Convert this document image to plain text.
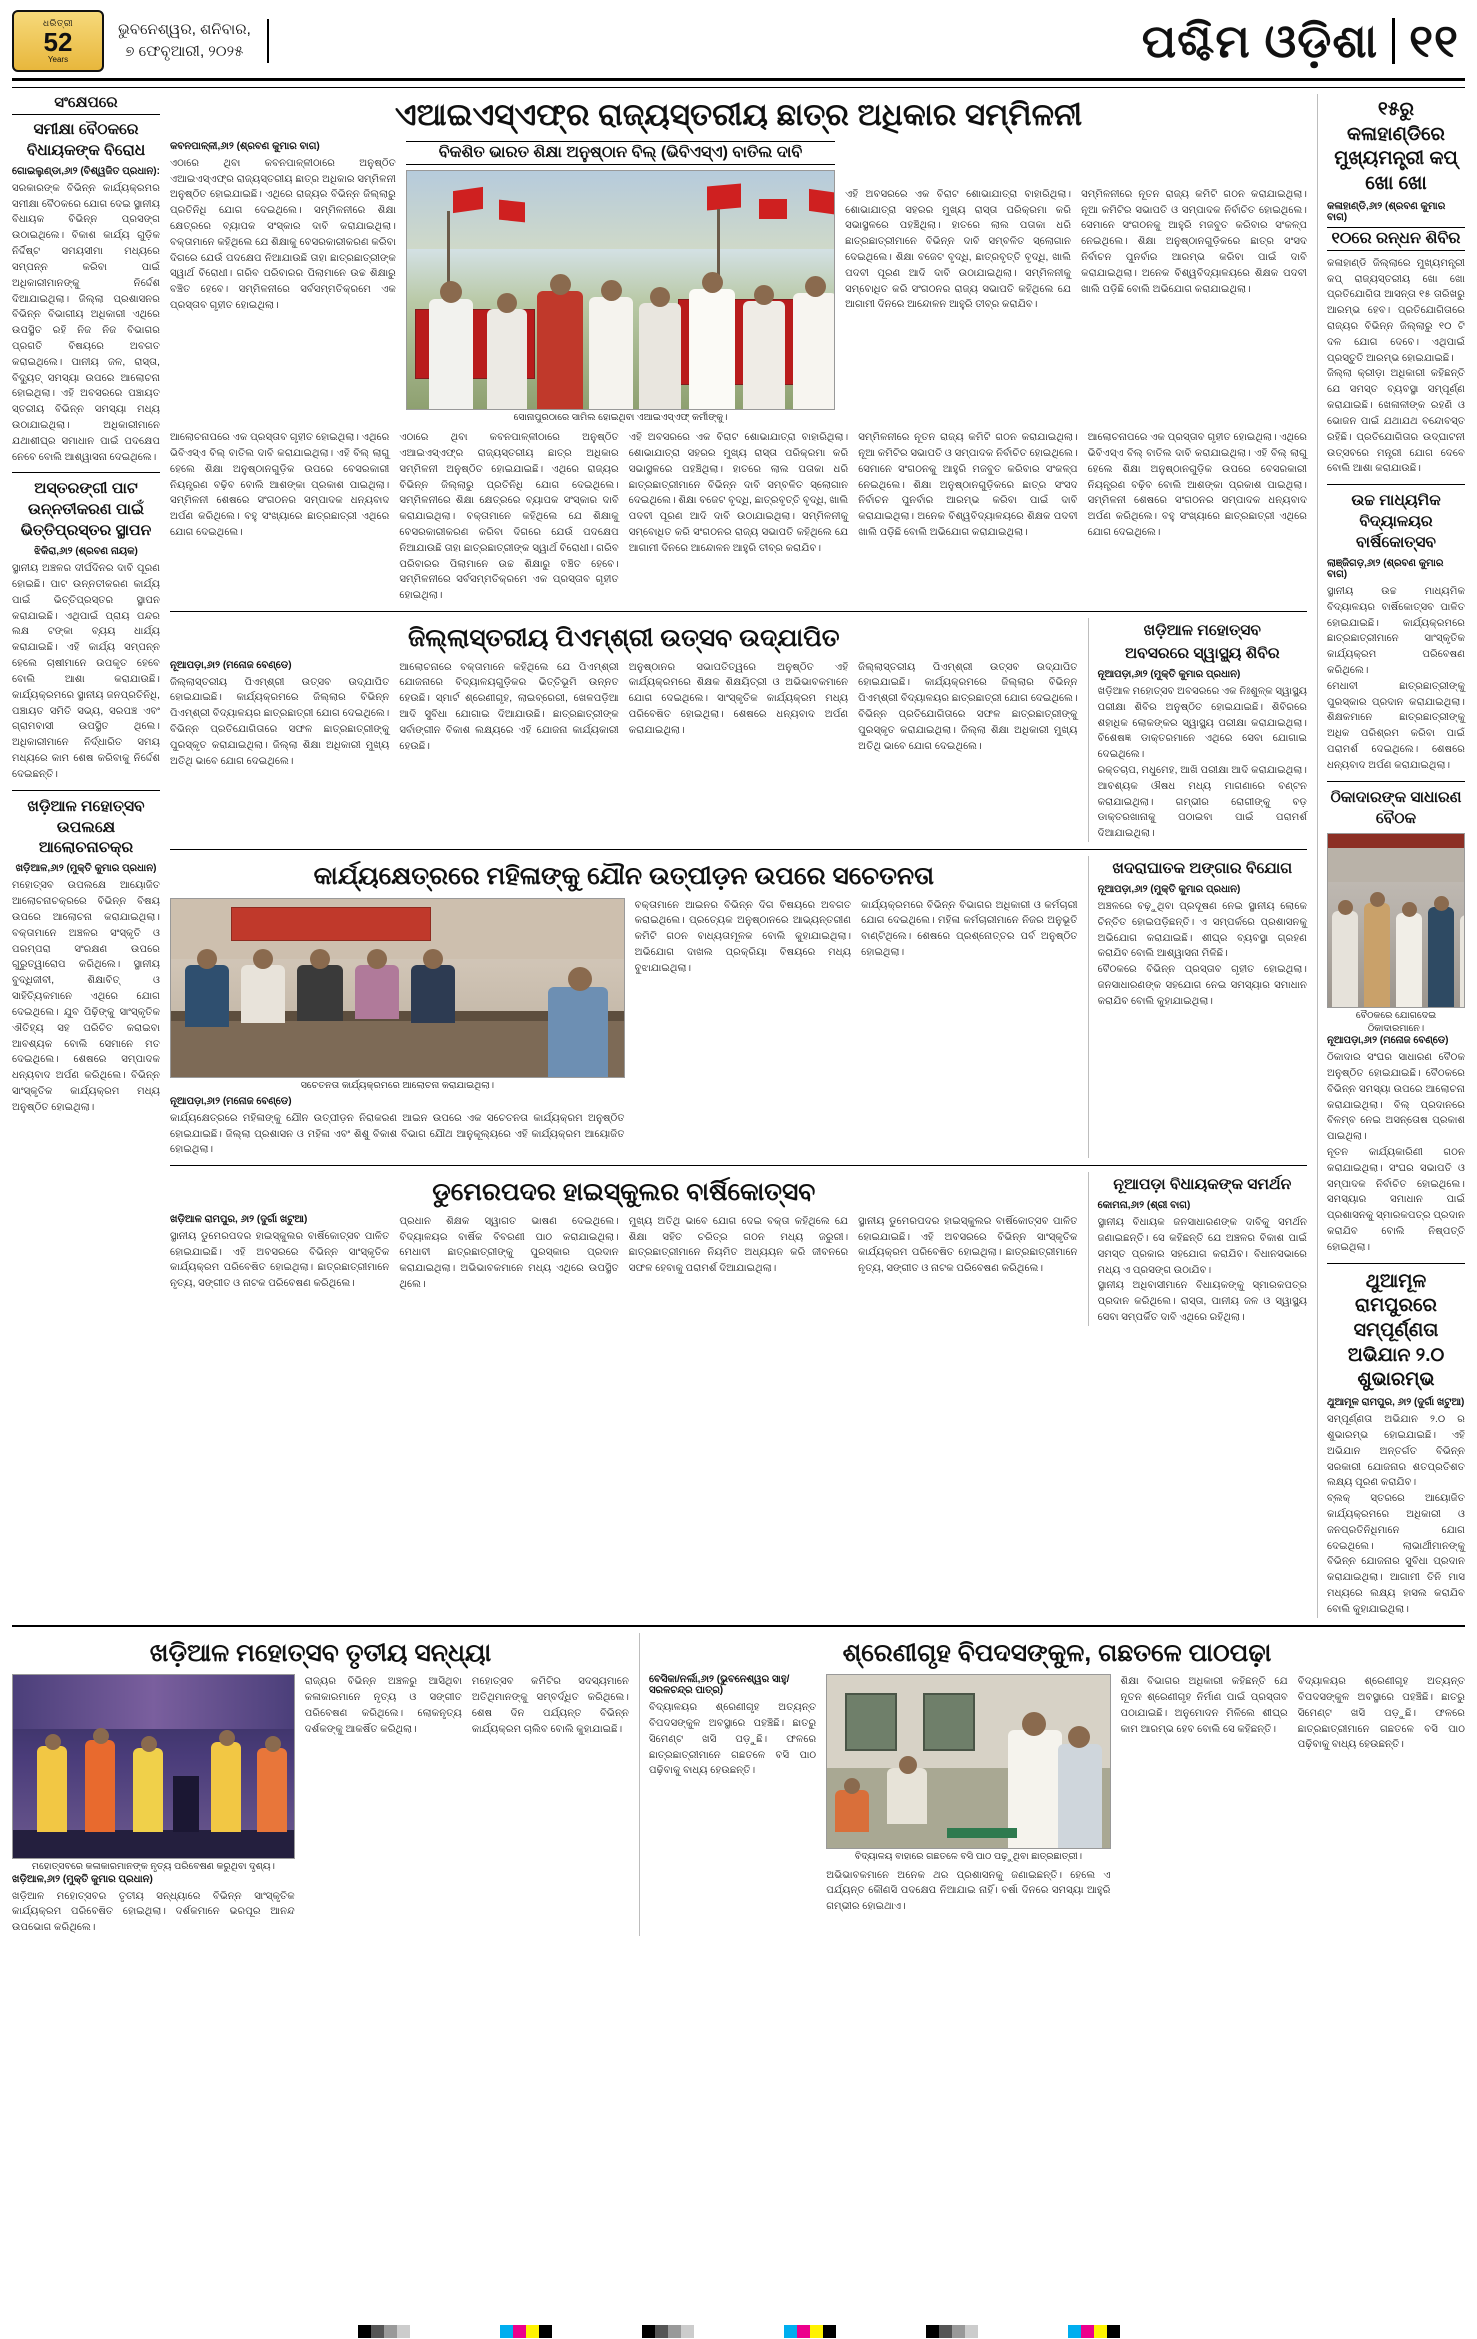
ଧରିତ୍ରୀ
52
Years
ଭୁବନେଶ୍ୱର, ଶନିବାର,
୭ ଫେବୃଆରୀ, ୨୦୨୫	ପଶ୍ଚିମ ଓଡ଼ିଶା ୧୧
ସଂକ୍ଷେପରେ
ସମୀକ୍ଷା ବୈଠକରେ ବିଧାୟକଙ୍କ ବିରୋଧ
ଗୋଇଲୁଣ୍ଡା,୬ା୨ (ବିଶ୍ୱଜିତ ପ୍ରଧାନ):
ସରକାରଙ୍କ ବିଭିନ୍ନ କାର୍ଯ୍ୟକ୍ରମର ସମୀକ୍ଷା ବୈଠକରେ ଯୋଗ ଦେଇ ସ୍ଥାନୀୟ ବିଧାୟକ ବିଭିନ୍ନ ପ୍ରସଙ୍ଗ ଉଠାଇଥିଲେ। ବିକାଶ କାର୍ଯ୍ୟ ଗୁଡ଼ିକ ନିର୍ଦ୍ଦିଷ୍ଟ ସମୟସୀମା ମଧ୍ୟରେ ସମ୍ପନ୍ନ କରିବା ପାଇଁ ଅଧିକାରୀମାନଙ୍କୁ ନିର୍ଦ୍ଦେଶ ଦିଆଯାଇଥିଲା। ଜିଲ୍ଲା ପ୍ରଶାସନର ବିଭିନ୍ନ ବିଭାଗୀୟ ଅଧିକାରୀ ଏଥିରେ ଉପସ୍ଥିତ ରହି ନିଜ ନିଜ ବିଭାଗର ପ୍ରଗତି ବିଷୟରେ ଅବଗତ କରାଇଥିଲେ। ପାନୀୟ ଜଳ, ରାସ୍ତା, ବିଦ୍ୟୁତ୍ ସମସ୍ୟା ଉପରେ ଆଲୋଚନା ହୋଇଥିଲା। ଏହି ଅବସରରେ ପଞ୍ଚାୟତ ସ୍ତରୀୟ ବିଭିନ୍ନ ସମସ୍ୟା ମଧ୍ୟ ଉଠାଯାଇଥିଲା। ଅଧିକାରୀମାନେ ଯଥାଶୀଘ୍ର ସମାଧାନ ପାଇଁ ପଦକ୍ଷେପ ନେବେ ବୋଲି ଆଶ୍ୱାସନା ଦେଇଥିଲେ।
ଅସ୍ତରଙ୍ଗୀ ପାଟ ଉନ୍ନତୀକରଣ ପାଇଁ ଭିତ୍ତିପ୍ରସ୍ତର ସ୍ଥାପନ
ଝିକିରା,୬ା୨ (ଶ୍ରବଣ ନାୟକ)
ସ୍ଥାନୀୟ ଅଞ୍ଚଳର ଦୀର୍ଘଦିନର ଦାବି ପୂରଣ ହୋଇଛି। ପାଟ ଉନ୍ନତୀକରଣ କାର୍ଯ୍ୟ ପାଇଁ ଭିତ୍ତିପ୍ରସ୍ତର ସ୍ଥାପନ କରାଯାଇଛି। ଏଥିପାଇଁ ପ୍ରାୟ ପନ୍ଦର ଲକ୍ଷ ଟଙ୍କା ବ୍ୟୟ ଧାର୍ଯ୍ୟ କରାଯାଇଛି। ଏହି କାର୍ଯ୍ୟ ସମ୍ପନ୍ନ ହେଲେ ଚାଷୀମାନେ ଉପକୃତ ହେବେ ବୋଲି ଆଶା କରାଯାଉଛି। କାର୍ଯ୍ୟକ୍ରମରେ ସ୍ଥାନୀୟ ଜନପ୍ରତିନିଧି, ପଞ୍ଚାୟତ ସମିତି ସଭ୍ୟ, ସରପଞ୍ଚ ଏବଂ ଗ୍ରାମବାସୀ ଉପସ୍ଥିତ ଥିଲେ। ଅଧିକାରୀମାନେ ନିର୍ଦ୍ଧାରିତ ସମୟ ମଧ୍ୟରେ କାମ ଶେଷ କରିବାକୁ ନିର୍ଦ୍ଦେଶ ଦେଇଛନ୍ତି।
ଖଡ଼ିଆଳ ମହୋତ୍ସବ ଉପଲକ୍ଷେ ଆଲୋଚନାଚକ୍ର
ଖଡ଼ିଆଳ,୬ା୨ (ମୁକ୍ତି କୁମାର ପ୍ରଧାନ)
ମହୋତ୍ସବ ଉପଲକ୍ଷେ ଆୟୋଜିତ ଆଲୋଚନାଚକ୍ରରେ ବିଭିନ୍ନ ବିଷୟ ଉପରେ ଆଲୋଚନା କରାଯାଇଥିଲା। ବକ୍ତାମାନେ ଅଞ୍ଚଳର ସଂସ୍କୃତି ଓ ପରମ୍ପରା ସଂରକ୍ଷଣ ଉପରେ ଗୁରୁତ୍ୱାରୋପ କରିଥିଲେ। ସ୍ଥାନୀୟ ବୁଦ୍ଧିଜୀବୀ, ଶିକ୍ଷାବିତ୍ ଓ ସାହିତ୍ୟିକମାନେ ଏଥିରେ ଯୋଗ ଦେଇଥିଲେ। ଯୁବ ପିଢ଼ିଙ୍କୁ ସାଂସ୍କୃତିକ ଐତିହ୍ୟ ସହ ପରିଚିତ କରାଇବା ଆବଶ୍ୟକ ବୋଲି ସେମାନେ ମତ ଦେଇଥିଲେ। ଶେଷରେ ସମ୍ପାଦକ ଧନ୍ୟବାଦ ଅର୍ପଣ କରିଥିଲେ। ବିଭିନ୍ନ ସାଂସ୍କୃତିକ କାର୍ଯ୍ୟକ୍ରମ ମଧ୍ୟ ଅନୁଷ୍ଠିତ ହୋଇଥିଲା।
ଏଆଇଏସ୍ଏଫ୍ର ରାଜ୍ୟସ୍ତରୀୟ ଛାତ୍ର ଅଧିକାର ସମ୍ମିଳନୀ
କବନପାଳ୍ଳୀ,୬ା୨ (ଶ୍ରବଣ କୁମାର ବାଗ)
ଏଠାରେ ଥିବା କବନପାଳ୍ଳୀଠାରେ ଅନୁଷ୍ଠିତ ଏଆଇଏସ୍ଏଫ୍ର ରାଜ୍ୟସ୍ତରୀୟ ଛାତ୍ର ଅଧିକାର ସମ୍ମିଳନୀ ଅନୁଷ୍ଠିତ ହୋଇଯାଇଛି। ଏଥିରେ ରାଜ୍ୟର ବିଭିନ୍ନ ଜିଲ୍ଲାରୁ ପ୍ରତିନିଧି ଯୋଗ ଦେଇଥିଲେ। ସମ୍ମିଳନୀରେ ଶିକ୍ଷା କ୍ଷେତ୍ରରେ ବ୍ୟାପକ ସଂସ୍କାର ଦାବି କରାଯାଇଥିଲା। ବକ୍ତାମାନେ କହିଥିଲେ ଯେ ଶିକ୍ଷାକୁ ବେସରକାରୀକରଣ କରିବା ଦିଗରେ ଯେଉଁ ପଦକ୍ଷେପ ନିଆଯାଉଛି ତାହା ଛାତ୍ରଛାତ୍ରୀଙ୍କ ସ୍ୱାର୍ଥ ବିରୋଧୀ। ଗରିବ ପରିବାରର ପିଲାମାନେ ଉଚ୍ଚ ଶିକ୍ଷାରୁ ବଞ୍ଚିତ ହେବେ। ସମ୍ମିଳନୀରେ ସର୍ବସମ୍ମତିକ୍ରମେ ଏକ ପ୍ରସ୍ତାବ ଗୃହୀତ ହୋଇଥିଲା।
ବିକଶିତ ଭାରତ ଶିକ୍ଷା ଅନୁଷ୍ଠାନ ବିଲ୍ (ଭିବିଏସ୍ଏ) ବାତିଲ ଦାବି
ସୋନାପୁରଠାରେ ସାମିଲ ହୋଇଥିବା ଏଆଇଏସ୍ଏଫ୍ କର୍ମୀଙ୍କୁ।
ଏହି ଅବସରରେ ଏକ ବିରାଟ ଶୋଭାଯାତ୍ରା ବାହାରିଥିଲା। ଶୋଭାଯାତ୍ରା ସହରର ମୁଖ୍ୟ ରାସ୍ତା ପରିକ୍ରମା କରି ସଭାସ୍ଥଳରେ ପହଞ୍ଚିଥିଲା। ହାତରେ ଲାଲ ପତାକା ଧରି ଛାତ୍ରଛାତ୍ରୀମାନେ ବିଭିନ୍ନ ଦାବି ସମ୍ବଳିତ ସ୍ଲୋଗାନ ଦେଇଥିଲେ। ଶିକ୍ଷା ବଜେଟ ବୃଦ୍ଧି, ଛାତ୍ରବୃତ୍ତି ବୃଦ୍ଧି, ଖାଲି ପଦବୀ ପୂରଣ ଆଦି ଦାବି ଉଠାଯାଇଥିଲା। ସମ୍ମିଳନୀକୁ ସମ୍ବୋଧିତ କରି ସଂଗଠନର ରାଜ୍ୟ ସଭାପତି କହିଥିଲେ ଯେ ଆଗାମୀ ଦିନରେ ଆନ୍ଦୋଳନ ଆହୁରି ତୀବ୍ର କରାଯିବ।
ସମ୍ମିଳନୀରେ ନୂତନ ରାଜ୍ୟ କମିଟି ଗଠନ କରାଯାଇଥିଲା। ନୂଆ କମିଟିର ସଭାପତି ଓ ସମ୍ପାଦକ ନିର୍ବାଚିତ ହୋଇଥିଲେ। ସେମାନେ ସଂଗଠନକୁ ଆହୁରି ମଜବୁତ କରିବାର ସଂକଳ୍ପ ନେଇଥିଲେ। ଶିକ୍ଷା ଅନୁଷ୍ଠାନଗୁଡ଼ିକରେ ଛାତ୍ର ସଂସଦ ନିର୍ବାଚନ ପୁନର୍ବାର ଆରମ୍ଭ କରିବା ପାଇଁ ଦାବି କରାଯାଇଥିଲା। ଅନେକ ବିଶ୍ୱବିଦ୍ୟାଳୟରେ ଶିକ୍ଷକ ପଦବୀ ଖାଲି ପଡ଼ିଛି ବୋଲି ଅଭିଯୋଗ କରାଯାଇଥିଲା।
ଆଲୋଚନାପରେ ଏକ ପ୍ରସ୍ତାବ ଗୃହୀତ ହୋଇଥିଲା। ଏଥିରେ ଭିବିଏସ୍ଏ ବିଲ୍ ବାତିଲ ଦାବି କରାଯାଇଥିଲା। ଏହି ବିଲ୍ ଲାଗୁ ହେଲେ ଶିକ୍ଷା ଅନୁଷ୍ଠାନଗୁଡ଼ିକ ଉପରେ ବେସରକାରୀ ନିୟନ୍ତ୍ରଣ ବଢ଼ିବ ବୋଲି ଆଶଙ୍କା ପ୍ରକାଶ ପାଇଥିଲା। ସମ୍ମିଳନୀ ଶେଷରେ ସଂଗଠନର ସମ୍ପାଦକ ଧନ୍ୟବାଦ ଅର୍ପଣ କରିଥିଲେ। ବହୁ ସଂଖ୍ୟାରେ ଛାତ୍ରଛାତ୍ରୀ ଏଥିରେ ଯୋଗ ଦେଇଥିଲେ।
ଏଠାରେ ଥିବା କବନପାଳ୍ଳୀଠାରେ ଅନୁଷ୍ଠିତ ଏଆଇଏସ୍ଏଫ୍ର ରାଜ୍ୟସ୍ତରୀୟ ଛାତ୍ର ଅଧିକାର ସମ୍ମିଳନୀ ଅନୁଷ୍ଠିତ ହୋଇଯାଇଛି। ଏଥିରେ ରାଜ୍ୟର ବିଭିନ୍ନ ଜିଲ୍ଲାରୁ ପ୍ରତିନିଧି ଯୋଗ ଦେଇଥିଲେ। ସମ୍ମିଳନୀରେ ଶିକ୍ଷା କ୍ଷେତ୍ରରେ ବ୍ୟାପକ ସଂସ୍କାର ଦାବି କରାଯାଇଥିଲା। ବକ୍ତାମାନେ କହିଥିଲେ ଯେ ଶିକ୍ଷାକୁ ବେସରକାରୀକରଣ କରିବା ଦିଗରେ ଯେଉଁ ପଦକ୍ଷେପ ନିଆଯାଉଛି ତାହା ଛାତ୍ରଛାତ୍ରୀଙ୍କ ସ୍ୱାର୍ଥ ବିରୋଧୀ। ଗରିବ ପରିବାରର ପିଲାମାନେ ଉଚ୍ଚ ଶିକ୍ଷାରୁ ବଞ୍ଚିତ ହେବେ। ସମ୍ମିଳନୀରେ ସର୍ବସମ୍ମତିକ୍ରମେ ଏକ ପ୍ରସ୍ତାବ ଗୃହୀତ ହୋଇଥିଲା।
ଏହି ଅବସରରେ ଏକ ବିରାଟ ଶୋଭାଯାତ୍ରା ବାହାରିଥିଲା। ଶୋଭାଯାତ୍ରା ସହରର ମୁଖ୍ୟ ରାସ୍ତା ପରିକ୍ରମା କରି ସଭାସ୍ଥଳରେ ପହଞ୍ଚିଥିଲା। ହାତରେ ଲାଲ ପତାକା ଧରି ଛାତ୍ରଛାତ୍ରୀମାନେ ବିଭିନ୍ନ ଦାବି ସମ୍ବଳିତ ସ୍ଲୋଗାନ ଦେଇଥିଲେ। ଶିକ୍ଷା ବଜେଟ ବୃଦ୍ଧି, ଛାତ୍ରବୃତ୍ତି ବୃଦ୍ଧି, ଖାଲି ପଦବୀ ପୂରଣ ଆଦି ଦାବି ଉଠାଯାଇଥିଲା। ସମ୍ମିଳନୀକୁ ସମ୍ବୋଧିତ କରି ସଂଗଠନର ରାଜ୍ୟ ସଭାପତି କହିଥିଲେ ଯେ ଆଗାମୀ ଦିନରେ ଆନ୍ଦୋଳନ ଆହୁରି ତୀବ୍ର କରାଯିବ।
ସମ୍ମିଳନୀରେ ନୂତନ ରାଜ୍ୟ କମିଟି ଗଠନ କରାଯାଇଥିଲା। ନୂଆ କମିଟିର ସଭାପତି ଓ ସମ୍ପାଦକ ନିର୍ବାଚିତ ହୋଇଥିଲେ। ସେମାନେ ସଂଗଠନକୁ ଆହୁରି ମଜବୁତ କରିବାର ସଂକଳ୍ପ ନେଇଥିଲେ। ଶିକ୍ଷା ଅନୁଷ୍ଠାନଗୁଡ଼ିକରେ ଛାତ୍ର ସଂସଦ ନିର୍ବାଚନ ପୁନର୍ବାର ଆରମ୍ଭ କରିବା ପାଇଁ ଦାବି କରାଯାଇଥିଲା। ଅନେକ ବିଶ୍ୱବିଦ୍ୟାଳୟରେ ଶିକ୍ଷକ ପଦବୀ ଖାଲି ପଡ଼ିଛି ବୋଲି ଅଭିଯୋଗ କରାଯାଇଥିଲା।
ଆଲୋଚନାପରେ ଏକ ପ୍ରସ୍ତାବ ଗୃହୀତ ହୋଇଥିଲା। ଏଥିରେ ଭିବିଏସ୍ଏ ବିଲ୍ ବାତିଲ ଦାବି କରାଯାଇଥିଲା। ଏହି ବିଲ୍ ଲାଗୁ ହେଲେ ଶିକ୍ଷା ଅନୁଷ୍ଠାନଗୁଡ଼ିକ ଉପରେ ବେସରକାରୀ ନିୟନ୍ତ୍ରଣ ବଢ଼ିବ ବୋଲି ଆଶଙ୍କା ପ୍ରକାଶ ପାଇଥିଲା। ସମ୍ମିଳନୀ ଶେଷରେ ସଂଗଠନର ସମ୍ପାଦକ ଧନ୍ୟବାଦ ଅର୍ପଣ କରିଥିଲେ। ବହୁ ସଂଖ୍ୟାରେ ଛାତ୍ରଛାତ୍ରୀ ଏଥିରେ ଯୋଗ ଦେଇଥିଲେ।
ଜିଲ୍ଲାସ୍ତରୀୟ ପିଏମ୍ଶ୍ରୀ ଉତ୍ସବ ଉଦ୍ଯାପିତ
ନୂଆପଡ଼ା,୬ା୨ (ମନୋଜ ବେଣ୍ଡେ)
ଜିଲ୍ଲାସ୍ତରୀୟ ପିଏମ୍ଶ୍ରୀ ଉତ୍ସବ ଉଦ୍ଯାପିତ ହୋଇଯାଇଛି। କାର୍ଯ୍ୟକ୍ରମରେ ଜିଲ୍ଲାର ବିଭିନ୍ନ ପିଏମ୍ଶ୍ରୀ ବିଦ୍ୟାଳୟର ଛାତ୍ରଛାତ୍ରୀ ଯୋଗ ଦେଇଥିଲେ। ବିଭିନ୍ନ ପ୍ରତିଯୋଗିତାରେ ସଫଳ ଛାତ୍ରଛାତ୍ରୀଙ୍କୁ ପୁରସ୍କୃତ କରାଯାଇଥିଲା। ଜିଲ୍ଲା ଶିକ୍ଷା ଅଧିକାରୀ ମୁଖ୍ୟ ଅତିଥି ଭାବେ ଯୋଗ ଦେଇଥିଲେ।
ଆଲୋଚନାରେ ବକ୍ତାମାନେ କହିଥିଲେ ଯେ ପିଏମ୍ଶ୍ରୀ ଯୋଜନାରେ ବିଦ୍ୟାଳୟଗୁଡ଼ିକର ଭିତ୍ତିଭୂମି ଉନ୍ନତ ହେଉଛି। ସ୍ମାର୍ଟ ଶ୍ରେଣୀଗୃହ, ଲାଇବ୍ରେରୀ, ଖେଳପଡ଼ିଆ ଆଦି ସୁବିଧା ଯୋଗାଇ ଦିଆଯାଉଛି। ଛାତ୍ରଛାତ୍ରୀଙ୍କ ସର୍ବାଙ୍ଗୀନ ବିକାଶ ଲକ୍ଷ୍ୟରେ ଏହି ଯୋଜନା କାର୍ଯ୍ୟକାରୀ ହେଉଛି।
ଅନୁଷ୍ଠାନର ସଭାପତିତ୍ୱରେ ଅନୁଷ୍ଠିତ ଏହି କାର୍ଯ୍ୟକ୍ରମରେ ଶିକ୍ଷକ ଶିକ୍ଷୟିତ୍ରୀ ଓ ଅଭିଭାବକମାନେ ଯୋଗ ଦେଇଥିଲେ। ସାଂସ୍କୃତିକ କାର୍ଯ୍ୟକ୍ରମ ମଧ୍ୟ ପରିବେଷିତ ହୋଇଥିଲା। ଶେଷରେ ଧନ୍ୟବାଦ ଅର୍ପଣ କରାଯାଇଥିଲା।
ଜିଲ୍ଲାସ୍ତରୀୟ ପିଏମ୍ଶ୍ରୀ ଉତ୍ସବ ଉଦ୍ଯାପିତ ହୋଇଯାଇଛି। କାର୍ଯ୍ୟକ୍ରମରେ ଜିଲ୍ଲାର ବିଭିନ୍ନ ପିଏମ୍ଶ୍ରୀ ବିଦ୍ୟାଳୟର ଛାତ୍ରଛାତ୍ରୀ ଯୋଗ ଦେଇଥିଲେ। ବିଭିନ୍ନ ପ୍ରତିଯୋଗିତାରେ ସଫଳ ଛାତ୍ରଛାତ୍ରୀଙ୍କୁ ପୁରସ୍କୃତ କରାଯାଇଥିଲା। ଜିଲ୍ଲା ଶିକ୍ଷା ଅଧିକାରୀ ମୁଖ୍ୟ ଅତିଥି ଭାବେ ଯୋଗ ଦେଇଥିଲେ।
ଖଡ଼ିଆଳ ମହୋତ୍ସବ
ଅବସରରେ ସ୍ୱାସ୍ଥ୍ୟ ଶିବିର
ନୂଆପଡ଼ା,୬ା୨ (ମୁକ୍ତି କୁମାର ପ୍ରଧାନ)
ଖଡ଼ିଆଳ ମହୋତ୍ସବ ଅବସରରେ ଏକ ନିଃଶୁଳ୍କ ସ୍ୱାସ୍ଥ୍ୟ ପରୀକ୍ଷା ଶିବିର ଅନୁଷ୍ଠିତ ହୋଇଯାଇଛି। ଶିବିରରେ ଶହାଧିକ ଲୋକଙ୍କର ସ୍ୱାସ୍ଥ୍ୟ ପରୀକ୍ଷା କରାଯାଇଥିଲା। ବିଶେଷଜ୍ଞ ଡାକ୍ତରମାନେ ଏଥିରେ ସେବା ଯୋଗାଇ ଦେଇଥିଲେ।
ରକ୍ତଚାପ, ମଧୁମେହ, ଆଖି ପରୀକ୍ଷା ଆଦି କରାଯାଇଥିଲା। ଆବଶ୍ୟକ ଔଷଧ ମଧ୍ୟ ମାଗଣାରେ ବଣ୍ଟନ କରାଯାଇଥିଲା। ଗମ୍ଭୀର ରୋଗୀଙ୍କୁ ବଡ଼ ଡାକ୍ତରଖାନାକୁ ପଠାଇବା ପାଇଁ ପରାମର୍ଶ ଦିଆଯାଇଥିଲା।
କାର୍ଯ୍ୟକ୍ଷେତ୍ରରେ ମହିଳାଙ୍କୁ ଯୌନ ଉତ୍ପୀଡ଼ନ ଉପରେ ସଚେତନତା
ସଚେତନତା କାର୍ଯ୍ୟକ୍ରମରେ ଆଲୋଚନା କରାଯାଇଥିଲା।
ନୂଆପଡ଼ା,୬ା୨ (ମନୋଜ ବେଣ୍ଡେ)
କାର୍ଯ୍ୟକ୍ଷେତ୍ରରେ ମହିଳାଙ୍କୁ ଯୌନ ଉତ୍ପୀଡ଼ନ ନିରାକରଣ ଆଇନ ଉପରେ ଏକ ସଚେତନତା କାର୍ଯ୍ୟକ୍ରମ ଅନୁଷ୍ଠିତ ହୋଇଯାଇଛି। ଜିଲ୍ଲା ପ୍ରଶାସନ ଓ ମହିଳା ଏବଂ ଶିଶୁ ବିକାଶ ବିଭାଗ ଯୌଥ ଆନୁକୂଲ୍ୟରେ ଏହି କାର୍ଯ୍ୟକ୍ରମ ଆୟୋଜିତ ହୋଇଥିଲା।
ବକ୍ତାମାନେ ଆଇନର ବିଭିନ୍ନ ଦିଗ ବିଷୟରେ ଅବଗତ କରାଇଥିଲେ। ପ୍ରତ୍ୟେକ ଅନୁଷ୍ଠାନରେ ଆଭ୍ୟନ୍ତରୀଣ କମିଟି ଗଠନ ବାଧ୍ୟତାମୂଳକ ବୋଲି କୁହାଯାଇଥିଲା। ଅଭିଯୋଗ ଦାଖଲ ପ୍ରକ୍ରିୟା ବିଷୟରେ ମଧ୍ୟ ବୁଝାଯାଇଥିଲା।
କାର୍ଯ୍ୟକ୍ରମରେ ବିଭିନ୍ନ ବିଭାଗର ଅଧିକାରୀ ଓ କର୍ମଚାରୀ ଯୋଗ ଦେଇଥିଲେ। ମହିଳା କର୍ମଚାରୀମାନେ ନିଜର ଅନୁଭୂତି ବାଣ୍ଟିଥିଲେ। ଶେଷରେ ପ୍ରଶ୍ନୋତ୍ତର ପର୍ବ ଅନୁଷ୍ଠିତ ହୋଇଥିଲା।
ଖଦରାଘାତକ ଅଙ୍ଗାର ବିଯୋଗ
ନୂଆପଡ଼ା,୬ା୨ (ମୁକ୍ତି କୁମାର ପ୍ରଧାନ)
ଅଞ୍ଚଳରେ ବଢ଼ୁଥିବା ପ୍ରଦୂଷଣ ନେଇ ସ୍ଥାନୀୟ ଲୋକେ ଚିନ୍ତିତ ହୋଇପଡ଼ିଛନ୍ତି। ଏ ସମ୍ପର୍କରେ ପ୍ରଶାସନକୁ ଅଭିଯୋଗ କରାଯାଇଛି। ଶୀଘ୍ର ବ୍ୟବସ୍ଥା ଗ୍ରହଣ କରାଯିବ ବୋଲି ଆଶ୍ୱାସନା ମିଳିଛି।
ବୈଠକରେ ବିଭିନ୍ନ ପ୍ରସ୍ତାବ ଗୃହୀତ ହୋଇଥିଲା। ଜନସାଧାରଣଙ୍କ ସହଯୋଗ ନେଇ ସମସ୍ୟାର ସମାଧାନ କରାଯିବ ବୋଲି କୁହାଯାଇଥିଲା।
ଡୁମେରପଦର ହାଇସ୍କୁଲର ବାର୍ଷିକୋତ୍ସବ
ଖଡ଼ିଆଳ ରାମପୁର, ୬ା୨ (ଦୁର୍ଗା ଖଟୁଆ)
ସ୍ଥାନୀୟ ଡୁମେରପଦର ହାଇସ୍କୁଲର ବାର୍ଷିକୋତ୍ସବ ପାଳିତ ହୋଇଯାଇଛି। ଏହି ଅବସରରେ ବିଭିନ୍ନ ସାଂସ୍କୃତିକ କାର୍ଯ୍ୟକ୍ରମ ପରିବେଷିତ ହୋଇଥିଲା। ଛାତ୍ରଛାତ୍ରୀମାନେ ନୃତ୍ୟ, ସଙ୍ଗୀତ ଓ ନାଟକ ପରିବେଷଣ କରିଥିଲେ।
ପ୍ରଧାନ ଶିକ୍ଷକ ସ୍ୱାଗତ ଭାଷଣ ଦେଇଥିଲେ। ବିଦ୍ୟାଳୟର ବାର୍ଷିକ ବିବରଣୀ ପାଠ କରାଯାଇଥିଲା। ମେଧାବୀ ଛାତ୍ରଛାତ୍ରୀଙ୍କୁ ପୁରସ୍କାର ପ୍ରଦାନ କରାଯାଇଥିଲା। ଅଭିଭାବକମାନେ ମଧ୍ୟ ଏଥିରେ ଉପସ୍ଥିତ ଥିଲେ।
ମୁଖ୍ୟ ଅତିଥି ଭାବେ ଯୋଗ ଦେଇ ବକ୍ତା କହିଥିଲେ ଯେ ଶିକ୍ଷା ସହିତ ଚରିତ୍ର ଗଠନ ମଧ୍ୟ ଜରୁରୀ। ଛାତ୍ରଛାତ୍ରୀମାନେ ନିୟମିତ ଅଧ୍ୟୟନ କରି ଜୀବନରେ ସଫଳ ହେବାକୁ ପରାମର୍ଶ ଦିଆଯାଇଥିଲା।
ସ୍ଥାନୀୟ ଡୁମେରପଦର ହାଇସ୍କୁଲର ବାର୍ଷିକୋତ୍ସବ ପାଳିତ ହୋଇଯାଇଛି। ଏହି ଅବସରରେ ବିଭିନ୍ନ ସାଂସ୍କୃତିକ କାର୍ଯ୍ୟକ୍ରମ ପରିବେଷିତ ହୋଇଥିଲା। ଛାତ୍ରଛାତ୍ରୀମାନେ ନୃତ୍ୟ, ସଙ୍ଗୀତ ଓ ନାଟକ ପରିବେଷଣ କରିଥିଲେ।
ନୂଆପଡ଼ା ବିଧାୟକଙ୍କ ସମର୍ଥନ
କୋମନା,୬ା୨ (ଶ୍ରୀ ବାଗ)
ସ୍ଥାନୀୟ ବିଧାୟକ ଜନସାଧାରଣଙ୍କ ଦାବିକୁ ସମର୍ଥନ ଜଣାଇଛନ୍ତି। ସେ କହିଛନ୍ତି ଯେ ଅଞ୍ଚଳର ବିକାଶ ପାଇଁ ସମସ୍ତ ପ୍ରକାର ସହଯୋଗ କରାଯିବ। ବିଧାନସଭାରେ ମଧ୍ୟ ଏ ପ୍ରସଙ୍ଗ ଉଠାଯିବ।
ସ୍ଥାନୀୟ ଅଧିବାସୀମାନେ ବିଧାୟକଙ୍କୁ ସ୍ମାରକପତ୍ର ପ୍ରଦାନ କରିଥିଲେ। ରାସ୍ତା, ପାନୀୟ ଜଳ ଓ ସ୍ୱାସ୍ଥ୍ୟ ସେବା ସମ୍ପର୍କିତ ଦାବି ଏଥିରେ ରହିଥିଲା।
୧୫ରୁ କଳାହାଣ୍ଡିରେ ମୁଖ୍ୟମନ୍ତ୍ରୀ କପ୍ ଖୋ ଖୋ
କଳାହାଣ୍ଡି,୬ା୨ (ଶ୍ରବଣ କୁମାର ବାଗ)
୧୦ରେ ରନ୍ଧନ ଶିବିର
କଳାହାଣ୍ଡି ଜିଲ୍ଲାରେ ମୁଖ୍ୟମନ୍ତ୍ରୀ କପ୍ ରାଜ୍ୟସ୍ତରୀୟ ଖୋ ଖୋ ପ୍ରତିଯୋଗିତା ଆସନ୍ତା ୧୫ ତାରିଖରୁ ଆରମ୍ଭ ହେବ। ପ୍ରତିଯୋଗିତାରେ ରାଜ୍ୟର ବିଭିନ୍ନ ଜିଲ୍ଲାରୁ ୧୦ ଟି ଦଳ ଯୋଗ ଦେବେ। ଏଥିପାଇଁ ପ୍ରସ୍ତୁତି ଆରମ୍ଭ ହୋଇଯାଇଛି।
ଜିଲ୍ଲା କ୍ରୀଡ଼ା ଅଧିକାରୀ କହିଛନ୍ତି ଯେ ସମସ୍ତ ବ୍ୟବସ୍ଥା ସମ୍ପୂର୍ଣ୍ଣ କରାଯାଇଛି। ଖେଳାଳୀଙ୍କ ରହଣି ଓ ଭୋଜନ ପାଇଁ ଯଥାଯଥ ବନ୍ଦୋବସ୍ତ ରହିଛି। ପ୍ରତିଯୋଗିତାର ଉଦ୍‌ଘାଟନୀ ଉତ୍ସବରେ ମନ୍ତ୍ରୀ ଯୋଗ ଦେବେ ବୋଲି ଆଶା କରାଯାଉଛି।
ଉଚ୍ଚ ମାଧ୍ୟମିକ ବିଦ୍ୟାଳୟର ବାର୍ଷିକୋତ୍ସବ
ଲାଞ୍ଜିଗଡ଼,୬ା୨ (ଶ୍ରବଣ କୁମାର ବାଗ)
ସ୍ଥାନୀୟ ଉଚ୍ଚ ମାଧ୍ୟମିକ ବିଦ୍ୟାଳୟର ବାର୍ଷିକୋତ୍ସବ ପାଳିତ ହୋଇଯାଇଛି। କାର୍ଯ୍ୟକ୍ରମରେ ଛାତ୍ରଛାତ୍ରୀମାନେ ସାଂସ୍କୃତିକ କାର୍ଯ୍ୟକ୍ରମ ପରିବେଷଣ କରିଥିଲେ।
ମେଧାବୀ ଛାତ୍ରଛାତ୍ରୀଙ୍କୁ ପୁରସ୍କାର ପ୍ରଦାନ କରାଯାଇଥିଲା। ଶିକ୍ଷକମାନେ ଛାତ୍ରଛାତ୍ରୀଙ୍କୁ ଅଧିକ ପରିଶ୍ରମ କରିବା ପାଇଁ ପରାମର୍ଶ ଦେଇଥିଲେ। ଶେଷରେ ଧନ୍ୟବାଦ ଅର୍ପଣ କରାଯାଇଥିଲା।
ଠିକାଦାରଙ୍କ ସାଧାରଣ ବୈଠକ
ବୈଠକରେ ଯୋଗଦେଇ ଠିକାଦାରମାନେ।
ନୂଆପଡ଼ା,୬ା୨ (ମନୋଜ ବେଣ୍ଡେ)
ଠିକାଦାର ସଂଘର ସାଧାରଣ ବୈଠକ ଅନୁଷ୍ଠିତ ହୋଇଯାଇଛି। ବୈଠକରେ ବିଭିନ୍ନ ସମସ୍ୟା ଉପରେ ଆଲୋଚନା କରାଯାଇଥିଲା। ବିଲ୍ ପ୍ରଦାନରେ ବିଳମ୍ବ ନେଇ ଅସନ୍ତୋଷ ପ୍ରକାଶ ପାଇଥିଲା।
ନୂତନ କାର୍ଯ୍ୟକାରିଣୀ ଗଠନ କରାଯାଇଥିଲା। ସଂଘର ସଭାପତି ଓ ସମ୍ପାଦକ ନିର୍ବାଚିତ ହୋଇଥିଲେ। ସମସ୍ୟାର ସମାଧାନ ପାଇଁ ପ୍ରଶାସନକୁ ସ୍ମାରକପତ୍ର ପ୍ରଦାନ କରାଯିବ ବୋଲି ନିଷ୍ପତ୍ତି ହୋଇଥିଲା।
ଥୁଆମୂଳ ରାମପୁରରେ ସମ୍ପୂର୍ଣ୍ଣତା ଅଭିଯାନ ୨.୦ ଶୁଭାରମ୍ଭ
ଥୁଆମୂଳ ରାମପୁର, ୬ା୨ (ଦୁର୍ଗା ଖଟୁଆ)
ସମ୍ପୂର୍ଣ୍ଣତା ଅଭିଯାନ ୨.୦ ର ଶୁଭାରମ୍ଭ ହୋଇଯାଇଛି। ଏହି ଅଭିଯାନ ଅନ୍ତର୍ଗତ ବିଭିନ୍ନ ସରକାରୀ ଯୋଜନାର ଶତପ୍ରତିଶତ ଲକ୍ଷ୍ୟ ପୂରଣ କରାଯିବ।
ବ୍ଲକ୍ ସ୍ତରରେ ଆୟୋଜିତ କାର୍ଯ୍ୟକ୍ରମରେ ଅଧିକାରୀ ଓ ଜନପ୍ରତିନିଧିମାନେ ଯୋଗ ଦେଇଥିଲେ। ଲାଭାର୍ଥୀମାନଙ୍କୁ ବିଭିନ୍ନ ଯୋଜନାର ସୁବିଧା ପ୍ରଦାନ କରାଯାଇଥିଲା। ଆଗାମୀ ତିନି ମାସ ମଧ୍ୟରେ ଲକ୍ଷ୍ୟ ହାସଲ କରାଯିବ ବୋଲି କୁହାଯାଇଥିଲା।
ଖଡ଼ିଆଳ ମହୋତ୍ସବ ତୃତୀୟ ସନ୍ଧ୍ୟା
ମହୋତ୍ସବରେ କଳାକାରମାନଙ୍କ ନୃତ୍ୟ ପରିବେଷଣ କରୁଥିବା ଦୃଶ୍ୟ।
ଖଡ଼ିଆଳ,୬ା୨ (ମୁକ୍ତି କୁମାର ପ୍ରଧାନ)
ଖଡ଼ିଆଳ ମହୋତ୍ସବର ତୃତୀୟ ସନ୍ଧ୍ୟାରେ ବିଭିନ୍ନ ସାଂସ୍କୃତିକ କାର୍ଯ୍ୟକ୍ରମ ପରିବେଷିତ ହୋଇଥିଲା। ଦର୍ଶକମାନେ ଭରପୂର ଆନନ୍ଦ ଉପଭୋଗ କରିଥିଲେ।
ରାଜ୍ୟର ବିଭିନ୍ନ ଅଞ୍ଚଳରୁ ଆସିଥିବା କଳାକାରମାନେ ନୃତ୍ୟ ଓ ସଙ୍ଗୀତ ପରିବେଷଣ କରିଥିଲେ। ଲୋକନୃତ୍ୟ ଦର୍ଶକଙ୍କୁ ଆକର୍ଷିତ କରିଥିଲା।
ମହୋତ୍ସବ କମିଟିର ସଦସ୍ୟମାନେ ଅତିଥିମାନଙ୍କୁ ସମ୍ବର୍ଦ୍ଧିତ କରିଥିଲେ। ଶେଷ ଦିନ ପର୍ଯ୍ୟନ୍ତ ବିଭିନ୍ନ କାର୍ଯ୍ୟକ୍ରମ ଚାଲିବ ବୋଲି କୁହାଯାଇଛି।
ଶ୍ରେଣୀଗୃହ ବିପଦସଙ୍କୁଳ, ଗଛତଳେ ପାଠପଢ଼ା
ବେସିକା/ନର୍ଲା,୬ା୨ (ଭୁବନେଶ୍ୱର ସାହୁ/ସରଳଚନ୍ଦ୍ର ପାତ୍ର)
ବିଦ୍ୟାଳୟର ଶ୍ରେଣୀଗୃହ ଅତ୍ୟନ୍ତ ବିପଦସଙ୍କୁଳ ଅବସ୍ଥାରେ ପହଞ୍ଚିଛି। ଛାତରୁ ସିମେଣ୍ଟ ଖସି ପଡ଼ୁଛି। ଫଳରେ ଛାତ୍ରଛାତ୍ରୀମାନେ ଗଛତଳେ ବସି ପାଠ ପଢ଼ିବାକୁ ବାଧ୍ୟ ହେଉଛନ୍ତି।
ବିଦ୍ୟାଳୟ ବାହାରେ ଗଛତଳେ ବସି ପାଠ ପଢ଼ୁଥିବା ଛାତ୍ରଛାତ୍ରୀ।
ଅଭିଭାବକମାନେ ଅନେକ ଥର ପ୍ରଶାସନକୁ ଜଣାଇଛନ୍ତି। ହେଲେ ଏ ପର୍ଯ୍ୟନ୍ତ କୌଣସି ପଦକ୍ଷେପ ନିଆଯାଇ ନାହିଁ। ବର୍ଷା ଦିନରେ ସମସ୍ୟା ଆହୁରି ଗମ୍ଭୀର ହୋଇଥାଏ।
ଶିକ୍ଷା ବିଭାଗର ଅଧିକାରୀ କହିଛନ୍ତି ଯେ ନୂତନ ଶ୍ରେଣୀଗୃହ ନିର୍ମାଣ ପାଇଁ ପ୍ରସ୍ତାବ ପଠାଯାଇଛି। ଅନୁମୋଦନ ମିଳିଲେ ଶୀଘ୍ର କାମ ଆରମ୍ଭ ହେବ ବୋଲି ସେ କହିଛନ୍ତି।
ବିଦ୍ୟାଳୟର ଶ୍ରେଣୀଗୃହ ଅତ୍ୟନ୍ତ ବିପଦସଙ୍କୁଳ ଅବସ୍ଥାରେ ପହଞ୍ଚିଛି। ଛାତରୁ ସିମେଣ୍ଟ ଖସି ପଡ଼ୁଛି। ଫଳରେ ଛାତ୍ରଛାତ୍ରୀମାନେ ଗଛତଳେ ବସି ପାଠ ପଢ଼ିବାକୁ ବାଧ୍ୟ ହେଉଛନ୍ତି।
